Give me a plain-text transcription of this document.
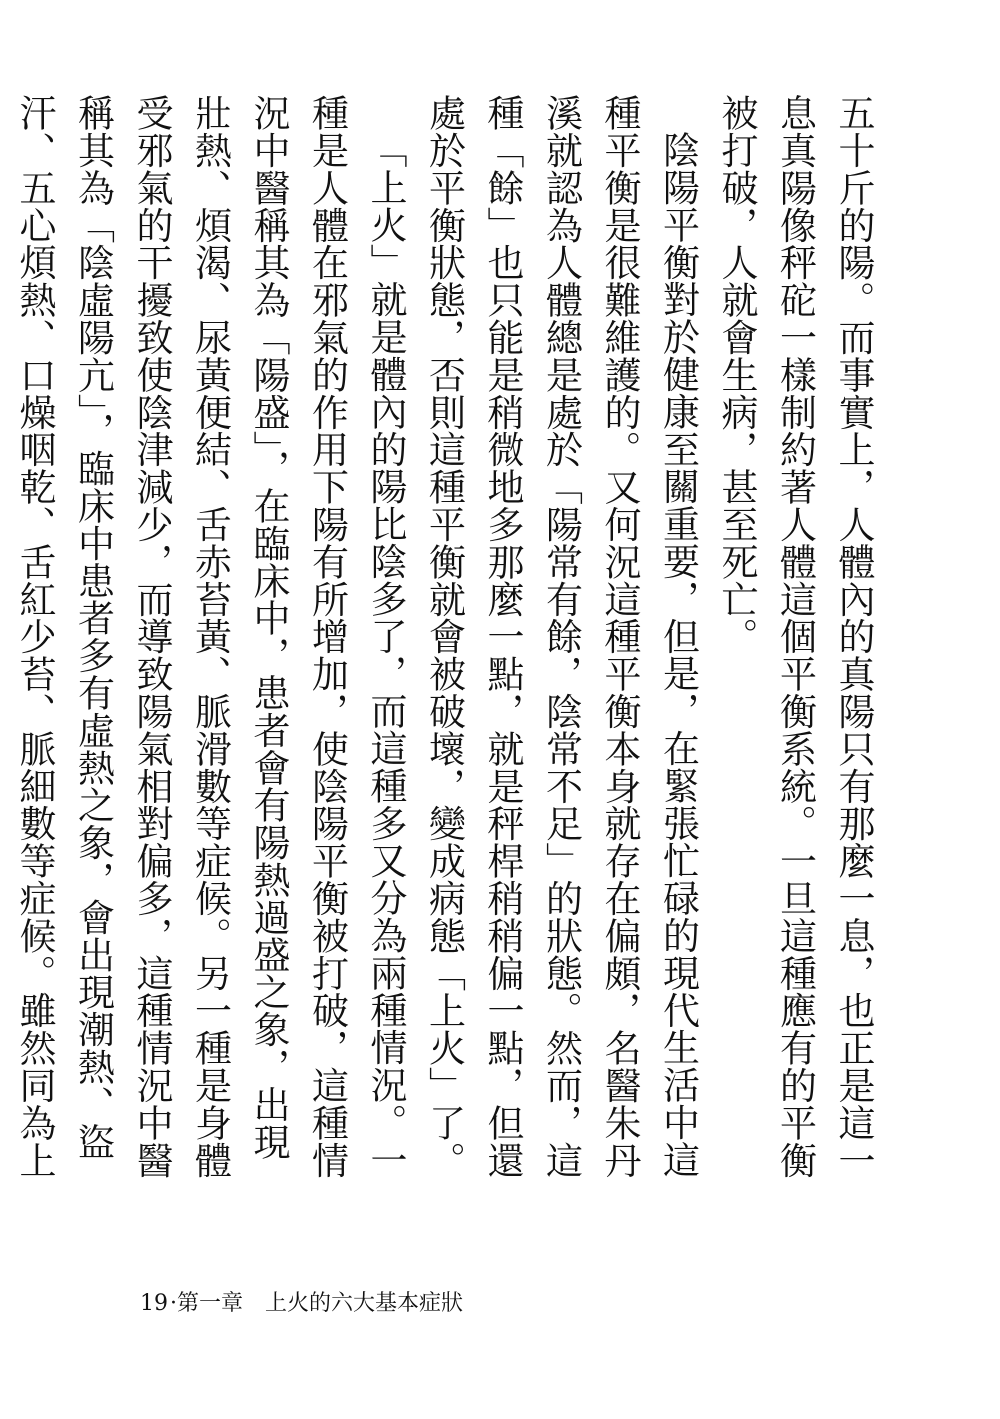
五十斤的陽。而事實上，人體內的真陽只有那麼一息，也正是這一息真陽像秤砣一樣制約著人體這個平衡系統。一旦這種應有的平衡被打破，人就會生病，甚至死亡。

陰陽平衡對於健康至關重要，但是，在緊張忙碌的現代生活中這種平衡是很難維護的。又何況這種平衡本身就存在偏頗，名醫朱丹溪就認為人體總是處於「陽常有餘，陰常不足」的狀態。然而，這種「餘」也只能是稍微地多那麼一點，就是秤桿稍稍偏一點，但還處於平衡狀態，否則這種平衡就會被破壞，變成病態「上火」了。

「上火」就是體內的陽比陰多了，而這種多又分為兩種情況。一種是人體在邪氣的作用下陽有所增加，使陰陽平衡被打破，這種情況中醫稱其為「陽盛」，在臨床中，患者會有陽熱過盛之象，出現壯熱、煩渴、尿黃便結、舌赤苔黃、脈滑數等症候。另一種是身體受邪氣的干擾致使陰津減少，而導致陽氣相對偏多，這種情況中醫稱其為「陰虛陽亢」，臨床中患者多有虛熱之象，會出現潮熱、盜汗、五心煩熱、口燥咽乾、舌紅少苔、脈細數等症候。雖然同為上

19·第一章 上火的六大基本症狀
